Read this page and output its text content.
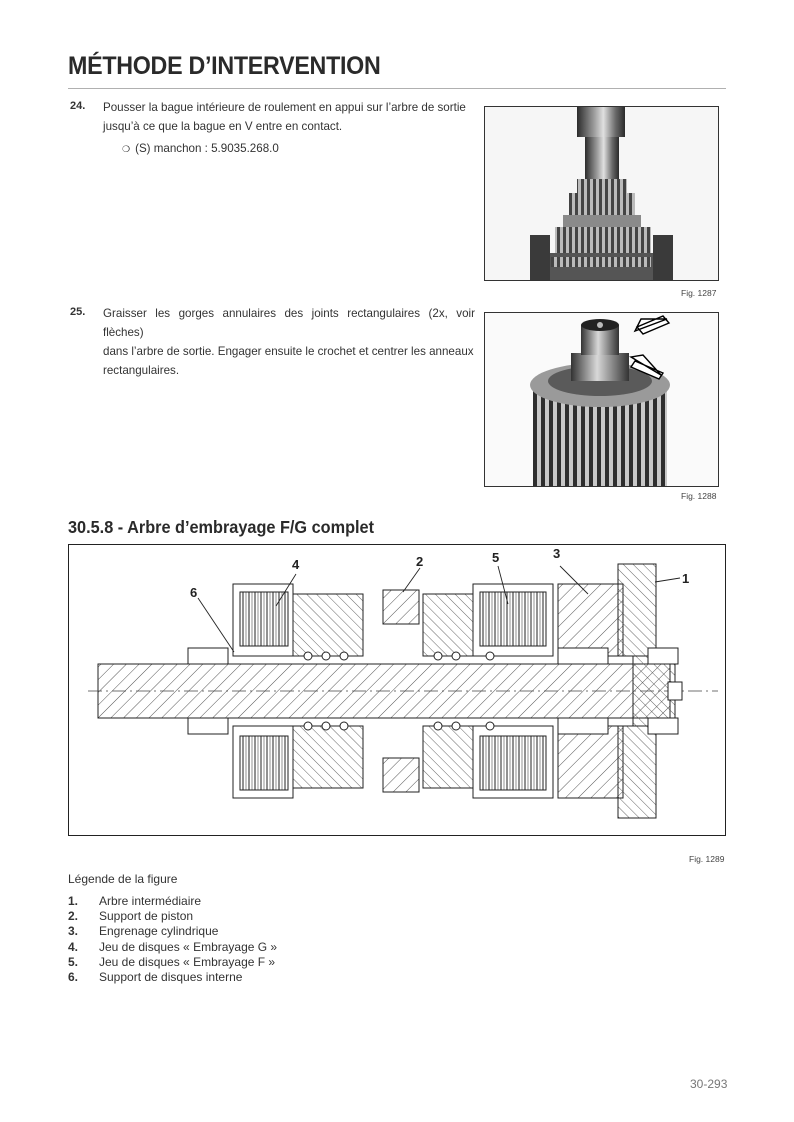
MÉTHODE D’INTERVENTION
24. Pousser la bague intérieure de roulement en appui sur l’arbre de sortie
jusqu’à ce que la bague en V entre en contact.
❍ (S) manchon : 5.9035.268.0
Fig. 1287
25. Graisser les gorges annulaires des joints rectangulaires (2x, voir flèches)
dans l’arbre de sortie. Engager ensuite le crochet et centrer les anneaux
rectangulaires.
Fig. 1288
30.5.8 - Arbre d’embrayage F/G complet
1
2
3
4	5
6
Fig. 1289
Légende de la figure
1. Arbre intermédiaire
2. Support de piston
3. Engrenage cylindrique
4. Jeu de disques « Embrayage G »
5. Jeu de disques « Embrayage F »
6. Support de disques interne
30-293
